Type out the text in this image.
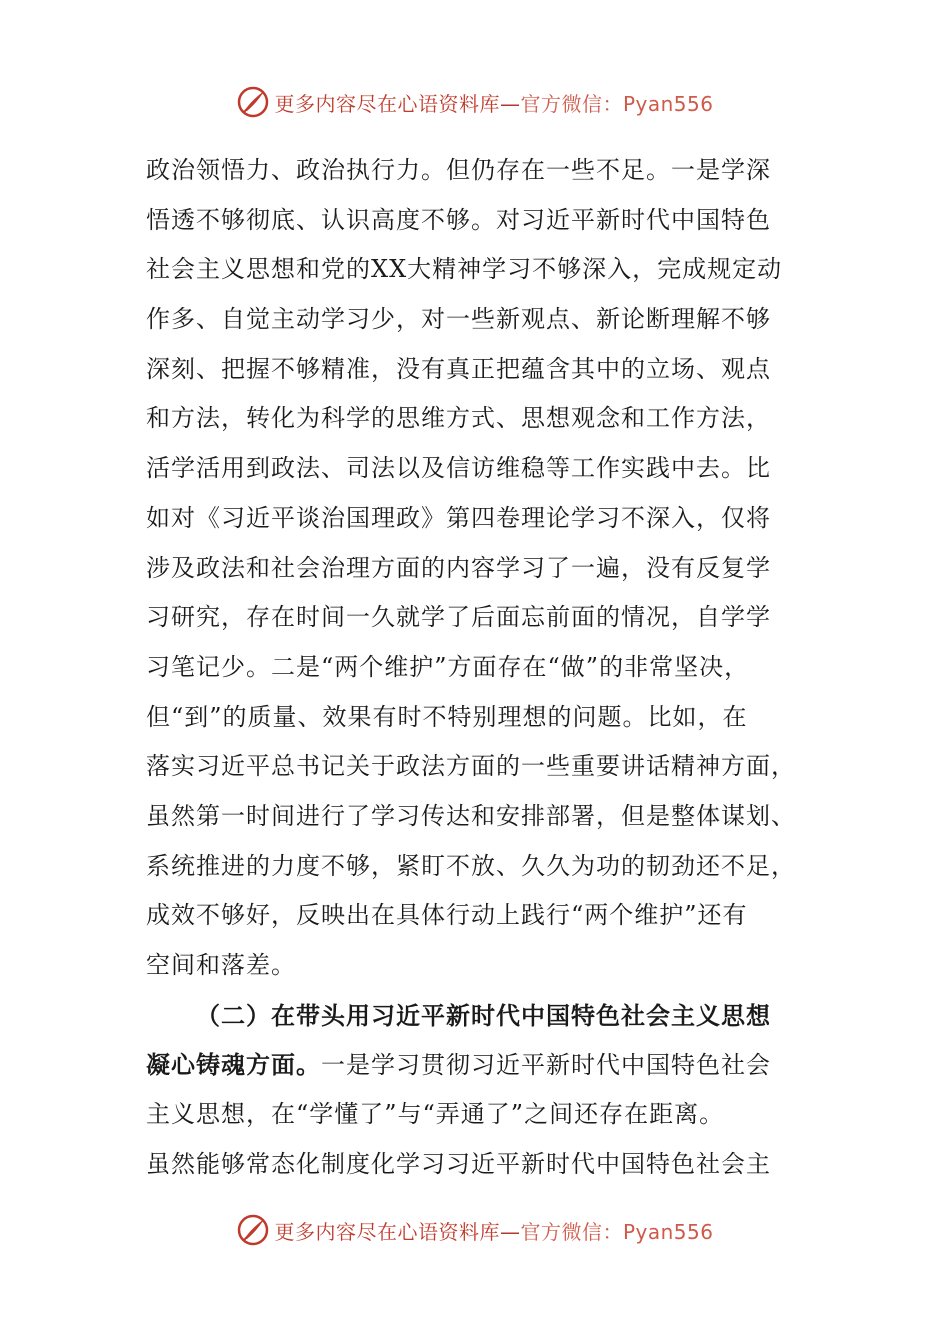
更多内容尽在心语资料库—官方微信：Pyan556
政治领悟力、政治执行力。但仍存在一些不足。一是学深
悟透不够彻底、认识高度不够。对习近平新时代中国特色
社会主义思想和党的XX大精神学习不够深入，完成规定动
作多、自觉主动学习少，对一些新观点、新论断理解不够
深刻、把握不够精准，没有真正把蕴含其中的立场、观点
和方法，转化为科学的思维方式、思想观念和工作方法，
活学活用到政法、司法以及信访维稳等工作实践中去。比
如对《习近平谈治国理政》第四卷理论学习不深入，仅将
涉及政法和社会治理方面的内容学习了一遍，没有反复学
习研究，存在时间一久就学了后面忘前面的情况，自学学
习笔记少。二是“两个维护”方面存在“做”的非常坚决，
但“到”的质量、效果有时不特别理想的问题。比如，在
落实习近平总书记关于政法方面的一些重要讲话精神方面，
虽然第一时间进行了学习传达和安排部署，但是整体谋划、
系统推进的力度不够，紧盯不放、久久为功的韧劲还不足，
成效不够好，反映出在具体行动上践行“两个维护”还有
空间和落差。
（二）在带头用习近平新时代中国特色社会主义思想
凝心铸魂方面。一是学习贯彻习近平新时代中国特色社会
主义思想，在“学懂了”与“弄通了”之间还存在距离。
虽然能够常态化制度化学习习近平新时代中国特色社会主
更多内容尽在心语资料库—官方微信：Pyan556
